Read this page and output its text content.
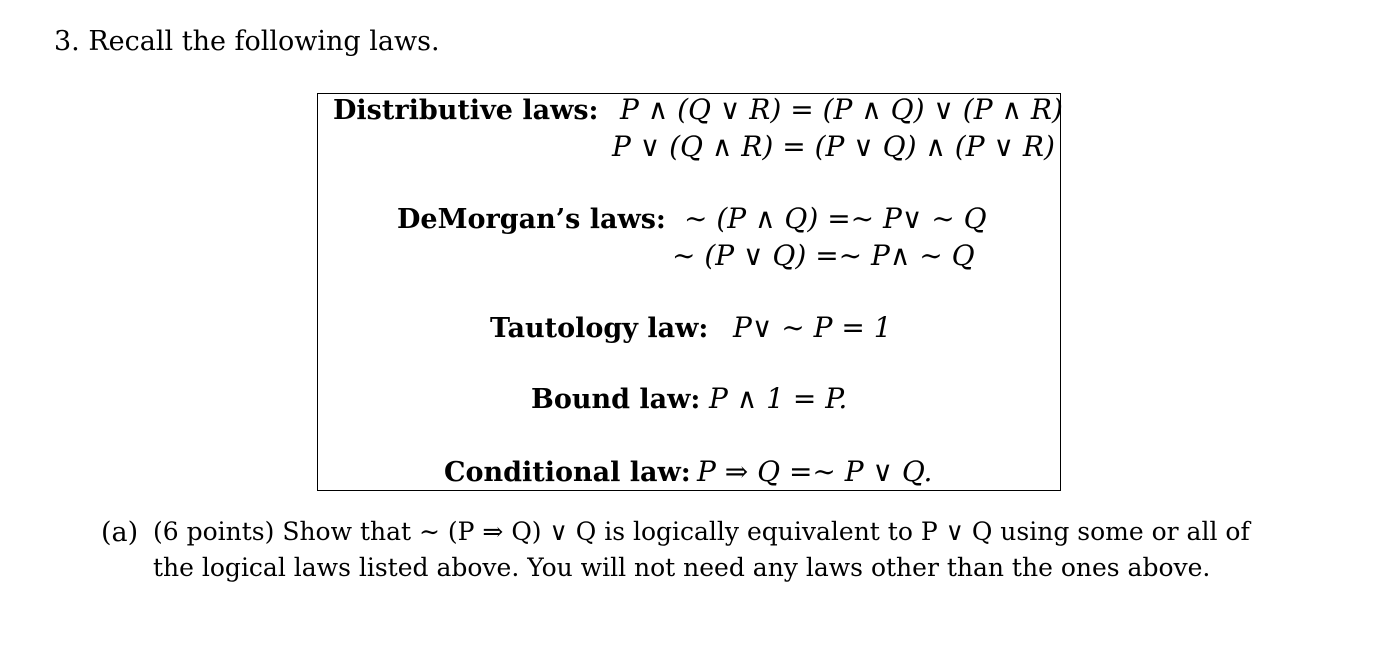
3. Recall the following laws.
Distributive laws: P ∧ (Q ∨ R) = (P ∧ Q) ∨ (P ∧ R)
P ∨ (Q ∧ R) = (P ∨ Q) ∧ (P ∨ R)
DeMorgan’s laws: ∼ (P ∧ Q) =∼ P∨ ∼ Q
∼ (P ∨ Q) =∼ P∧ ∼ Q
Tautology law: P∨ ∼ P = 1
Bound law: P ∧ 1 = P.
Conditional law: P ⇒ Q =∼ P ∨ Q.
(a) (6 points) Show that ∼ (P ⇒ Q) ∨ Q is logically equivalent to P ∨ Q using some or all of
the logical laws listed above. You will not need any laws other than the ones above.
